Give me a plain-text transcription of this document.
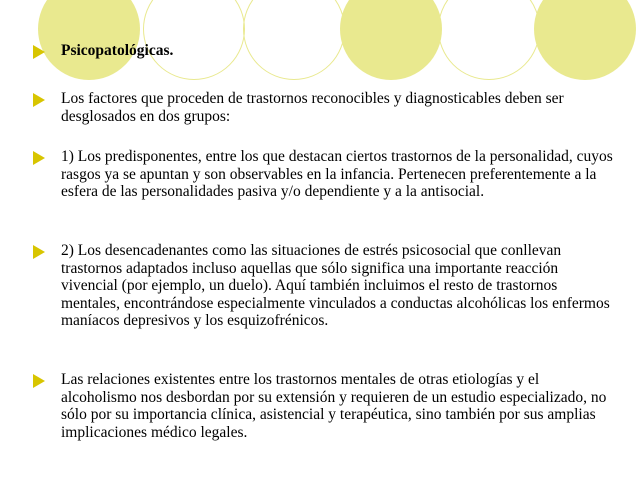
Psicopatológicas.

Los factores que proceden de trastornos reconocibles y diagnosticables deben ser desglosados en dos grupos:

1) Los predisponentes, entre los que destacan ciertos trastornos de la personalidad, cuyos rasgos ya se apuntan y son observables en la infancia. Pertenecen preferentemente a la esfera de las personalidades pasiva y/o dependiente y a la antisocial.

2) Los desencadenantes como las situaciones de estrés psicosocial que conllevan trastornos adaptados incluso aquellas que sólo significa una importante reacción vivencial (por ejemplo, un duelo). Aquí también incluimos el resto de trastornos mentales, encontrándose especialmente vinculados a conductas alcohólicas los enfermos maníacos depresivos y los esquizofrénicos.

Las relaciones existentes entre los trastornos mentales de otras etiologías y el alcoholismo nos desbordan por su extensión y requieren de un estudio especializado, no sólo por su importancia clínica, asistencial y terapéutica, sino también por sus amplias implicaciones médico legales.
